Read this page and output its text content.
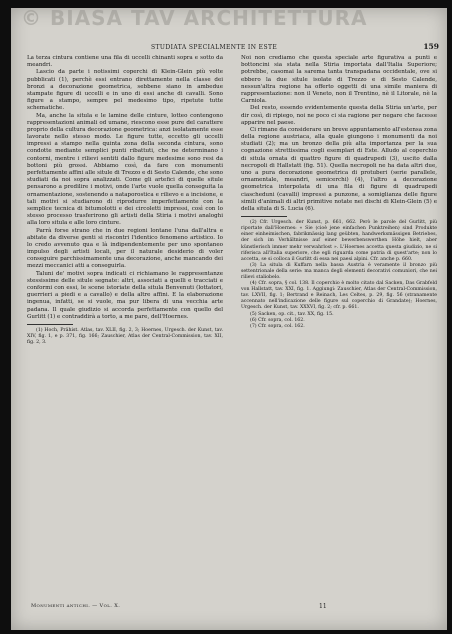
© BIASA TAV ARCHITETTURA
STUDIATA SPECIALMENTE IN ESTE	159

La terza cintura contiene una fila di uccelli chinanti sopra e sotto da meandri.

Lascio da parte i notissimi coperchi di Klein-Glein più volte pubblicati (1), perchè essi entrano direttamente nella classe dei bronzi a decorazione geometrica, sebbene siano in ambedue stampate figure di uccelli e in uno di essi anche di cavalli. Sono figure a stampo, sempre pel medesimo tipo, ripetute tutte schematiche.

Ma, anche la situla e le lamine delle cinture, lotteo contengono rappresentazioni animali od umane, riescono esse pure del carattere proprio della cultura decorazione geometrica: anzi isolatamente esse lavorate nello stesso modo. Le figure tutte, eccetto gli uccelli impressi a stampo nella quinta zona della seconda cintura, sono condotte mediante semplici punti ribattuti, che ne determinano i contorni, mentre i rilievi sentiti dallo figure medesime sono resi da bottoni più grossi. Abbiamo così, da fare con monumenti perfettamente affini alle situle di Trezzo e di Sesto Calende, che sono studiati da noi sopra analizzati. Come gli artefici di quelle situle pensarono a predilire i motivi, onde l'arte vuole quella conseguita la ornamentazione, sostenendo a nataporostica e rilievo e a incisione, e tali motivi si studiarono di riprodurre imperfettamente con la semplice tecnica di bitumolotti e dei circoletti impressi, così con lo stesso processo trasferirono gli artisti della Stiria i motivi analoghi alla loro situla e alle loro cinture.

Parrà forse strano che in due regioni lontane l'una dall'altra e abitate da diverse genti si riscontri l'identico fenomeno artistico. Io lo credo avvenuto qua e là indipendentemente per uno spontaneo impulso degli artisti locali, per il naturale desiderio di voler conseguire parchissimamente una decorazione, anche mancando dei mezzi meccanici atti a conseguirla.

Taluni de' motivi sopra indicati ci richiamano le rappresentanze stessissime delle situle segnate: altri, associati a quelli e tracciati e conformi con essi, le scene istoriate della situla Benvenuti (lottatori, guerrieri a piedi e a cavallo) e della altre affini. E la elaborazione ingenua, infatti, se si vuole, ma pur libera di una vecchia arte padana. Il quale giudizio si accorda perfettamente con quello del Gurlitt (1) e contraddirà a torto, a me pare, dell'Hoernes.

(1) Hoch, Prähist. Atlas, tav. XLII, fig. 2, 3; Hoernes, Urgesch. der Kunst, tav. XIV, fig. 1, e p. 371, fig. 166; Zauschier, Atlas der Central-Commission, tav. XII, fig. 2, 3.

Noi non crediamo che questa speciale arte figurativa a punti e bottoncini sia stata nella Stiria importata dall'Italia Superiore; potrebbe, casomai la sarema tanta transpadana occidentale, ove si ebbero la due situle isolate di Trezzo e di Sesto Calende, nessun'altra regione ha offerto oggetti di una simile maniera di rappresentazione: non il Veneto, non il Trentino, nè il Litorale, nè la Carniola.

Del resto, essendo evidentemente questa della Stiria un'arte, per dir così, di ripiego, noi ne poco ci sia ragione per negare che facesse apparire nel paese.

Ci rimane da considerare un breve appuntamento all'estensa zona della regione austriaca, alla quale giungono i monumenti da noi studiati (2); ma un bronzo della più alta importanza per la sua cognazione strettissima cogli esemplari di Este. Alludo al coperchio di situla ornata di quattro figure di quadrupedi (3), uscito dalla necropoli di Hallstatt (fig. 51). Quella necropoli ne ha data altri due, uno a pura decorazione geometrica di protuberi (serie parallele, ornamentale, meandri, semicerchi) (4), l'altro a decorazione geometrica interpolata di una fila di figure di quadrupedi ciascheduni (cavalli) impressi a punzone, a somiglianza delle figure simili d'animali di altri primitive notate nei dischi di Klein-Glein (5) e della situla di S. Lucia (6).

(2) Cfr. Urgesch. der Kunst, p. 661, 662. Però le parole del Gurlitt, più riportate dall'Hoernes: « Sie (cioè jene einfachen Punktreihen) sind Produkte einer einheimischen, fabrikmässig lang geübten, handwerksmässigen Betriebes, der sich im Verhältnisse auf einer bewerbenswerthen Höhe hielt, aber künstlerisch immer mehr verwahrlost ». L'Hoernes accetta questa giudizio, ne si riferisca all'Italia superiore, che egli riguarda come patria di quest'arte; non lo accetta, se si colloca il Gurlitt di essa nei paesi alpini. Cfr. anche p. 660.

(3) La situla di Kuffarn nella bassa Austria è veramente il bronzo più settentrionale della serie: ma manca degli elementi decorativi comuniori, che nei rilievi staliobelo.

(4) Cfr. sopra, § col. 138. Il coperchio è molto citato dal Sacken, Das Grabfeld von Hallstatt, tav. XXI, fig. 1. Aggiungi: Zauschier, Atlas der Central-Commission, tav. LXVII, fig. 1; Bertrand e Reinach, Les Celtes, p. 29, fig. 56 (stranamente accennato nell'indicazione delle figure sul coperchio di Grandate); Hoernes, Urgesch. der Kunst, tav. XXXVI, fig. 2; cfr. p. 661.

(5) Sacken, op. cit., tav. XX, fig. 15.

(6) Cfr. sopra, col. 162.

(7) Cfr. sopra, col. 162.

Monumenti antichi. — Vol. X.	11
